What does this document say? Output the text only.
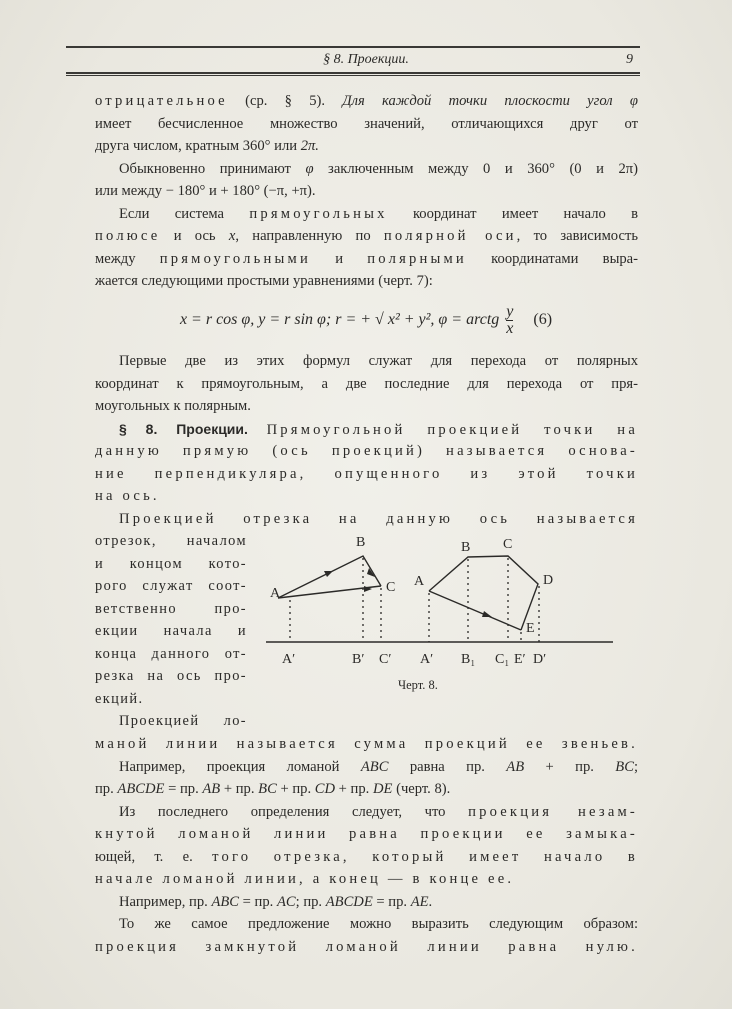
§ 8. Проекции.	9
отрицательное (ср. § 5). Для каждой точки плоскости угол φ
имеет бесчисленное множество значений, отличающихся друг от
друга числом, кратным 360° или 2π.
Обыкновенно принимают φ заключенным между 0 и 360° (0 и 2π)
или между − 180° и + 180° (−π, +π).
Если система прямоугольных координат имеет начало в
полюсе и ось x, направленную по полярной оси, то зависимость
между прямоугольными и полярными координатами выра-
жается следующими простыми уравнениями (черт. 7):
x = r cos φ, y = r sin φ; r = + √ x² + y², φ = arctg $\frac{y}{x} (6)$
Первые две из этих формул служат для перехода от полярных
координат к прямоугольным, а две последние для перехода от пря-
моугольных к полярным.
§ 8. Проекции. Прямоугольной проекцией точки на
данную прямую (ось проекций) называется основа-
ние перпендикуляра, опущенного из этой точки
на ось.
Проекцией отрезка на данную ось называется
отрезок, началом
и концом кото-
рого служат соот-
ветственно про-
екции начала и
конца данного от-
резка на ось про-
екций.
Проекцией ло-
маной линии называется сумма проекций ее звеньев.
Например, проекция ломаной ABC равна пр. AB + пр. BC;
пр. ABCDE = пр. AB + пр. BC + пр. CD + пр. DE (черт. 8).
Из последнего определения следует, что проекция незам-
кнутой ломаной линии равна проекции ее замыка-
ющей, т. е. того отрезка, который имеет начало в
начале ломаной линии, а конец — в конце ее.
Например, пр. ABC = пр. AC; пр. ABCDE = пр. AE.
То же самое предложение можно выразить следующим образом:
проекция замкнутой ломаной линии равна нулю.
A
B
C A
B C
D
E
A′	B′ C′ A′ B₁ C₁ E′ D′
Черт. 8.
